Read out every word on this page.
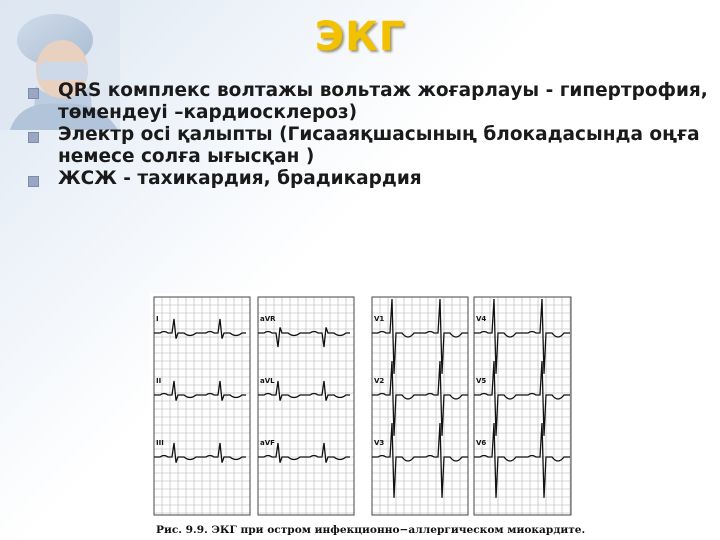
ЭКГ
QRS комплекс волтажы вольтаж жоғарлауы - гипертрофия, төмендеуі –кардиосклероз)
Электр осі қалыпты (Гисааяқшасының блокадасында оңға немесе солға ығысқан )
ЖСЖ - тахикардия, брадикардия
I
II
III
aVR
aVL
aVF
V1
V2
V3
V4
V5
V6
Рис. 9.9. ЭКГ при остром инфекционно−аллергическом миокардите.
